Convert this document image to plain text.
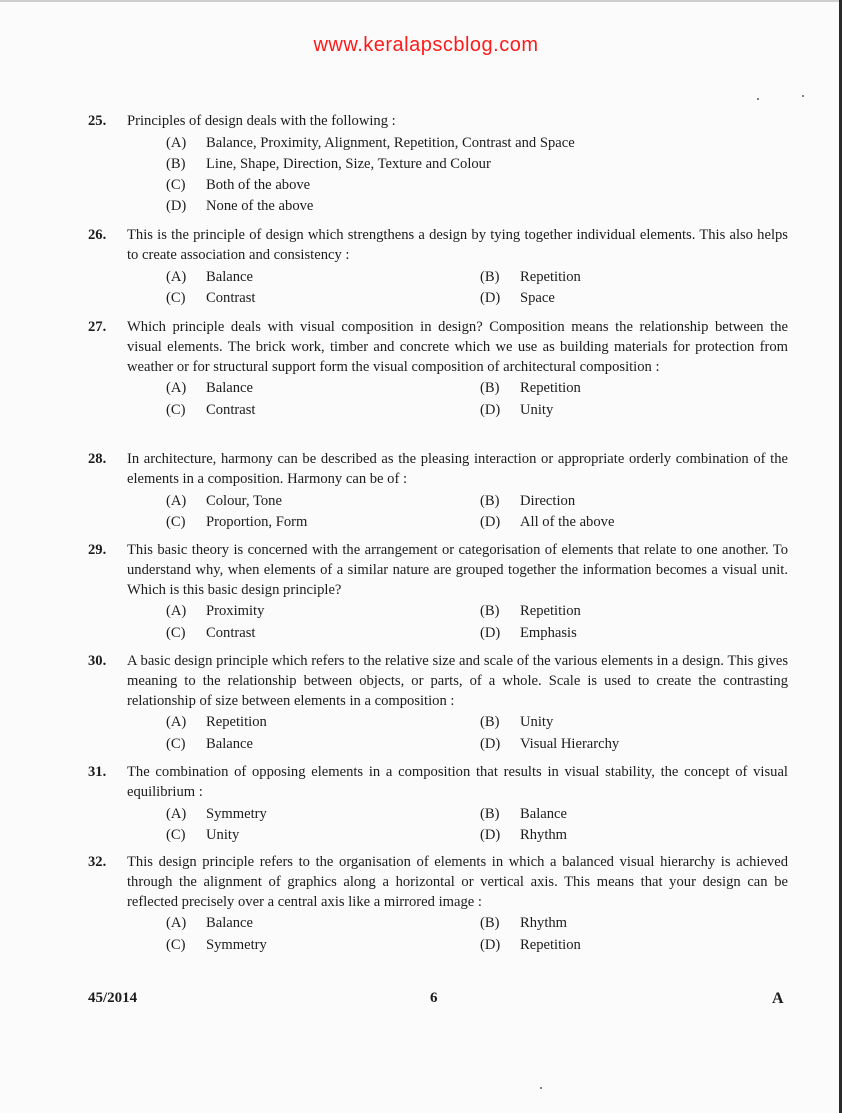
www.keralapscblog.com
25. Principles of design deals with the following :
(A)	Balance, Proximity, Alignment, Repetition, Contrast and Space
(B)	Line, Shape, Direction, Size, Texture and Colour
(C)	Both of the above
(D)	None of the above
26. This is the principle of design which strengthens a design by tying together individual elements. This also helps to create association and consistency :
(A)	Balance	(B)	Repetition
(C)	Contrast	(D)	Space
27. Which principle deals with visual composition in design? Composition means the relationship between the visual elements. The brick work, timber and concrete which we use as building materials for protection from weather or for structural support form the visual composition of architectural composition :
(A)	Balance	(B)	Repetition
(C)	Contrast	(D)	Unity
28. In architecture, harmony can be described as the pleasing interaction or appropriate orderly combination of the elements in a composition. Harmony can be of :
(A)	Colour, Tone	(B)	Direction
(C)	Proportion, Form	(D)	All of the above
29. This basic theory is concerned with the arrangement or categorisation of elements that relate to one another. To understand why, when elements of a similar nature are grouped together the information becomes a visual unit. Which is this basic design principle?
(A)	Proximity	(B)	Repetition
(C)	Contrast	(D)	Emphasis
30. A basic design principle which refers to the relative size and scale of the various elements in a design. This gives meaning to the relationship between objects, or parts, of a whole. Scale is used to create the contrasting relationship of size between elements in a composition :
(A)	Repetition	(B)	Unity
(C)	Balance	(D)	Visual Hierarchy
31. The combination of opposing elements in a composition that results in visual stability, the concept of visual equilibrium :
(A)	Symmetry	(B)	Balance
(C)	Unity	(D)	Rhythm
32. This design principle refers to the organisation of elements in which a balanced visual hierarchy is achieved through the alignment of graphics along a horizontal or vertical axis. This means that your design can be reflected precisely over a central axis like a mirrored image :
(A)	Balance	(B)	Rhythm
(C)	Symmetry	(D)	Repetition
45/2014	6	A
